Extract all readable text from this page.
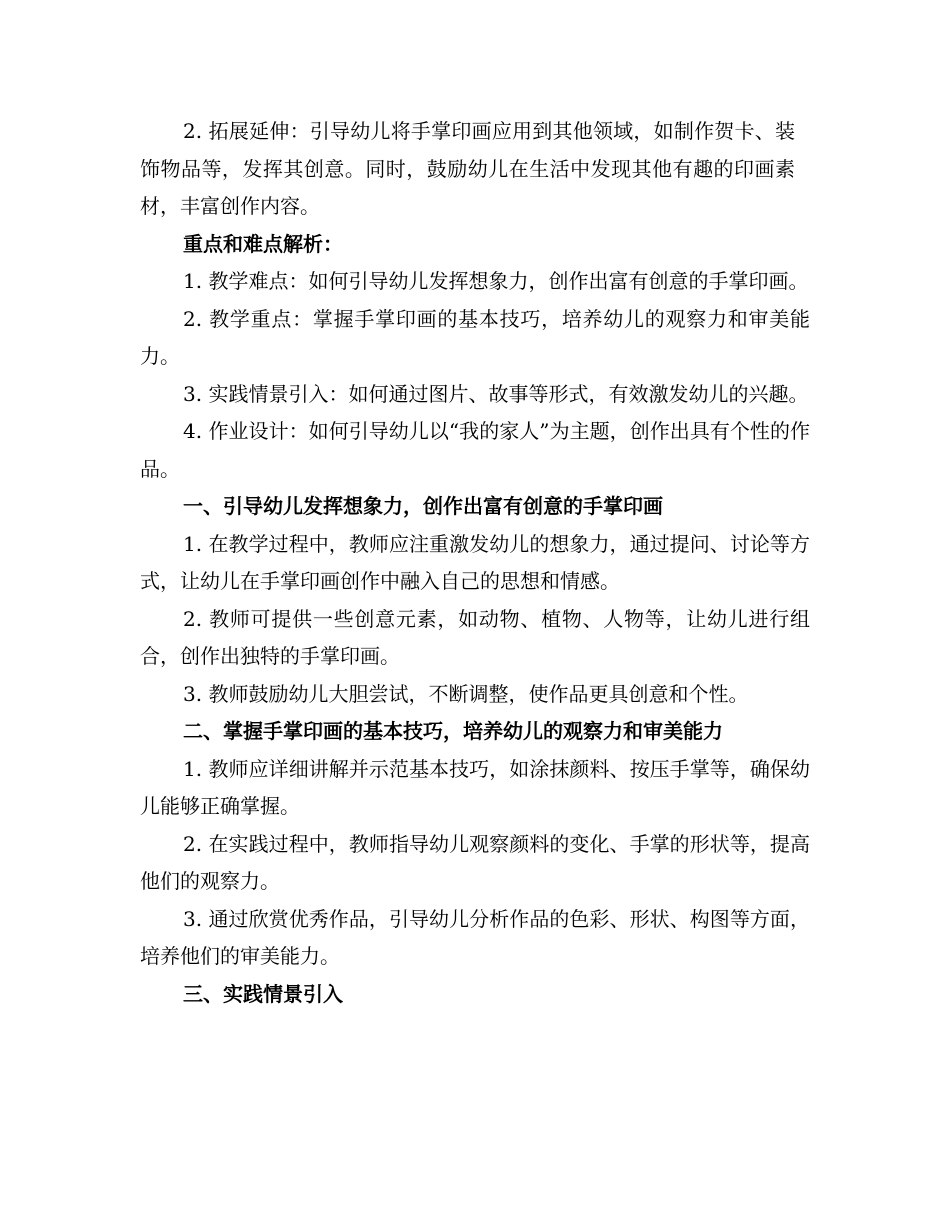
2. 拓展延伸：引导幼儿将手掌印画应用到其他领域，如制作贺卡、装饰物品等，发挥其创意。同时，鼓励幼儿在生活中发现其他有趣的印画素材，丰富创作内容。

重点和难点解析：

1. 教学难点：如何引导幼儿发挥想象力，创作出富有创意的手掌印画。

2. 教学重点：掌握手掌印画的基本技巧，培养幼儿的观察力和审美能力。

3. 实践情景引入：如何通过图片、故事等形式，有效激发幼儿的兴趣。

4. 作业设计：如何引导幼儿以“我的家人”为主题，创作出具有个性的作品。

一、引导幼儿发挥想象力，创作出富有创意的手掌印画

1. 在教学过程中，教师应注重激发幼儿的想象力，通过提问、讨论等方式，让幼儿在手掌印画创作中融入自己的思想和情感。

2. 教师可提供一些创意元素，如动物、植物、人物等，让幼儿进行组合，创作出独特的手掌印画。

3. 教师鼓励幼儿大胆尝试，不断调整，使作品更具创意和个性。

二、掌握手掌印画的基本技巧，培养幼儿的观察力和审美能力

1. 教师应详细讲解并示范基本技巧，如涂抹颜料、按压手掌等，确保幼儿能够正确掌握。

2. 在实践过程中，教师指导幼儿观察颜料的变化、手掌的形状等，提高他们的观察力。

3. 通过欣赏优秀作品，引导幼儿分析作品的色彩、形状、构图等方面，培养他们的审美能力。

三、实践情景引入
